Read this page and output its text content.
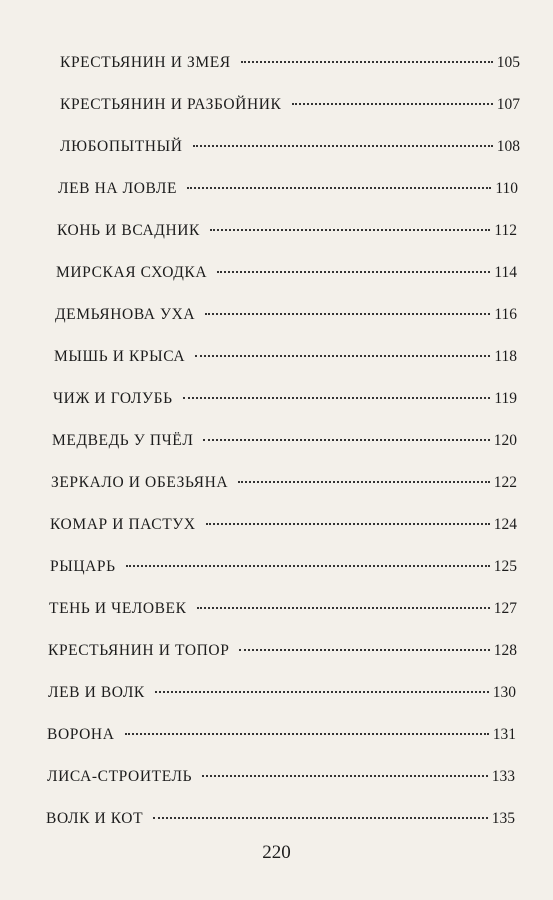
КРЕСТЬЯНИН И ЗМЕЯ	105
КРЕСТЬЯНИН И РАЗБОЙНИК	107
ЛЮБОПЫТНЫЙ	108
ЛЕВ НА ЛОВЛЕ	110
КОНЬ И ВСАДНИК	112
МИРСКАЯ СХОДКА	114
ДЕМЬЯНОВА УХА	116
МЫШЬ И КРЫСА	118
ЧИЖ И ГОЛУБЬ	119
МЕДВЕДЬ У ПЧЁЛ	120
ЗЕРКАЛО И ОБЕЗЬЯНА	122
КОМАР И ПАСТУХ	124
РЫЦАРЬ	125
ТЕНЬ И ЧЕЛОВЕК	127
КРЕСТЬЯНИН И ТОПОР	128
ЛЕВ И ВОЛК	130
ВОРОНА	131
ЛИСА-СТРОИТЕЛЬ	133
ВОЛК И КОТ	135
220
